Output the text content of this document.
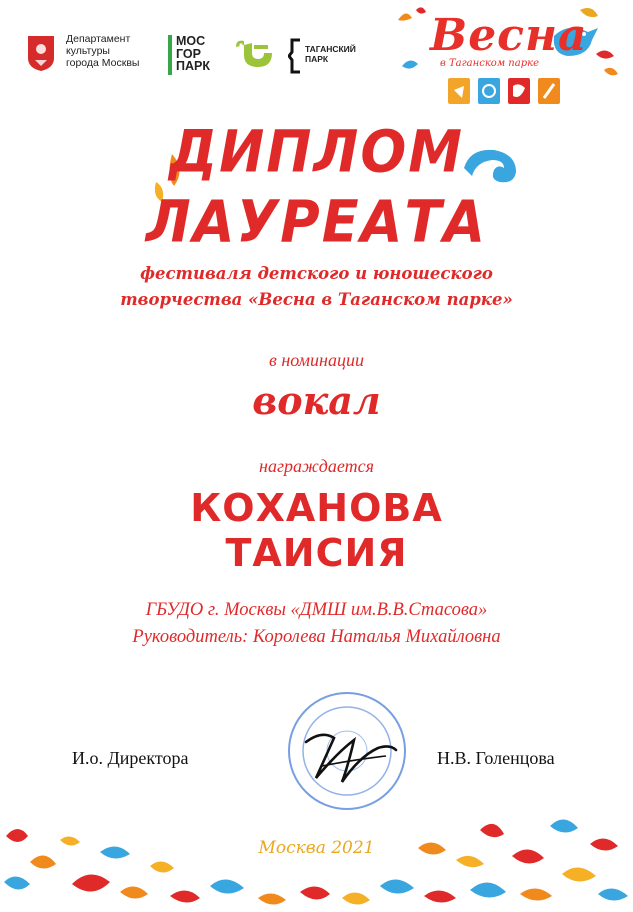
Департамент
культуры
города Москвы
МОС
ГОР
ПАРК
ТАГАНСКИЙ
ПАРК	Весна
в Таганском парке
ДИПЛОМ
ЛАУРЕАТА
фестиваля детского и юношеского
творчества «Весна в Таганском парке»
в номинации
вокал
награждается
КОХАНОВА
ТАИСИЯ
ГБУДО г. Москвы «ДМШ им.В.В.Стасова»
Руководитель: Королева Наталья Михайловна
И.о. Директора	Н.В. Голенцова
Москва 2021
